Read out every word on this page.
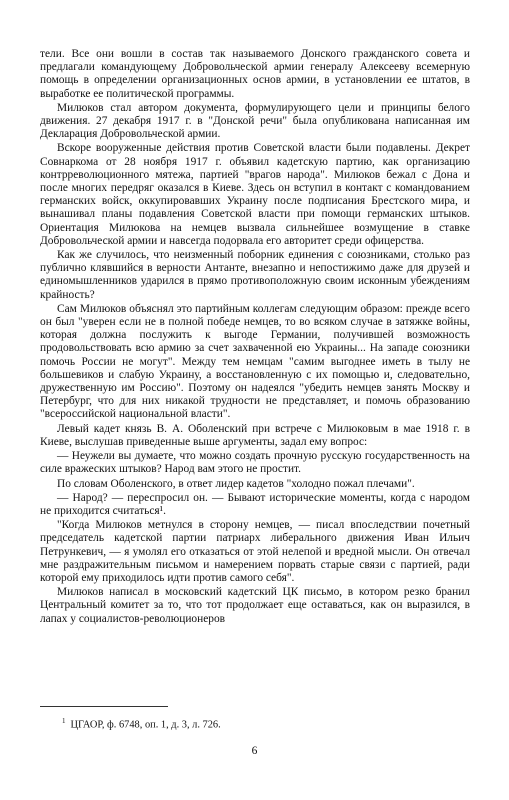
тели. Все они вошли в состав так называемого Донского гражданского совета и предлагали командующему Добровольческой армии генералу Алексееву всемерную помощь в определении организационных основ армии, в установлении ее штатов, в выработке ее политической программы.

Милюков стал автором документа, формулирующего цели и принципы белого движения. 27 декабря 1917 г. в "Донской речи" была опубликована написанная им Декларация Добровольческой армии.

Вскоре вооруженные действия против Советской власти были подавлены. Декрет Совнаркома от 28 ноября 1917 г. объявил кадетскую партию, как организацию контрреволюционного мятежа, партией "врагов народа". Милюков бежал с Дона и после многих передряг оказался в Киеве. Здесь он вступил в контакт с командованием германских войск, оккупировавших Украину после подписания Брестского мира, и вынашивал планы подавления Советской власти при помощи германских штыков. Ориентация Милюкова на немцев вызвала сильнейшее возмущение в ставке Добровольческой армии и навсегда подорвала его авторитет среди офицерства.

Как же случилось, что неизменный поборник единения с союзниками, столько раз публично клявшийся в верности Антанте, внезапно и непостижимо даже для друзей и единомышленников ударился в прямо противоположную своим исконным убеждениям крайность?

Сам Милюков объяснял это партийным коллегам следующим образом: прежде всего он был "уверен если не в полной победе немцев, то во всяком случае в затяжке войны, которая должна послужить к выгоде Германии, получившей возможность продовольствовать всю армию за счет захваченной ею Украины... На западе союзники помочь России не могут". Между тем немцам "самим выгоднее иметь в тылу не большевиков и слабую Украину, а восстановленную с их помощью и, следовательно, дружественную им Россию". Поэтому он надеялся "убедить немцев занять Москву и Петербург, что для них никакой трудности не представляет, и помочь образованию "всероссийской национальной власти".

Левый кадет князь В. А. Оболенский при встрече с Милюковым в мае 1918 г. в Киеве, выслушав приведенные выше аргументы, задал ему вопрос:

— Неужели вы думаете, что можно создать прочную русскую государственность на силе вражеских штыков? Народ вам этого не простит.

По словам Оболенского, в ответ лидер кадетов "холодно пожал плечами".

— Народ? — переспросил он. — Бывают исторические моменты, когда с народом не приходится считаться¹.

"Когда Милюков метнулся в сторону немцев, — писал впоследствии почетный председатель кадетской партии патриарх либерального движения Иван Ильич Петрункевич, — я умолял его отказаться от этой нелепой и вредной мысли. Он отвечал мне раздражительным письмом и намерением порвать старые связи с партией, ради которой ему приходилось идти против самого себя".

Милюков написал в московский кадетский ЦК письмо, в котором резко бранил Центральный комитет за то, что тот продолжает еще оставаться, как он выразился, в лапах у социалистов-революционеров

$^1$ ЦГАОР, ф. 6748, оп. 1, д. 3, л. 726.
6
